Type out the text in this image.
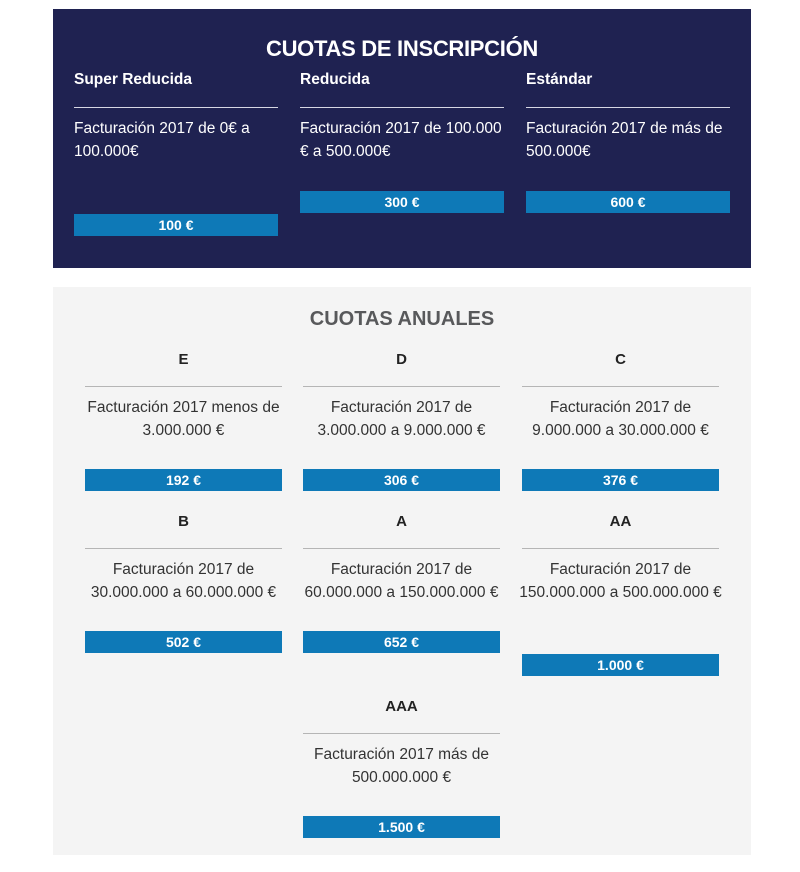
CUOTAS DE INSCRIPCIÓN
Super Reducida
Facturación 2017 de 0€ a 100.000€
100 €
Reducida
Facturación 2017 de 100.000 € a 500.000€
300 €
Estándar
Facturación 2017 de más de 500.000€
600 €
CUOTAS ANUALES
E
Facturación 2017 menos de 3.000.000 €
192 €
D
Facturación 2017 de 3.000.000 a 9.000.000 €
306 €
C
Facturación 2017 de 9.000.000 a 30.000.000 €
376 €
B
Facturación 2017 de 30.000.000 a 60.000.000 €
502 €
A
Facturación 2017 de 60.000.000 a 150.000.000 €
652 €
AA
Facturación 2017 de 150.000.000 a 500.000.000 €
1.000 €
AAA
Facturación 2017 más de 500.000.000 €
1.500 €
